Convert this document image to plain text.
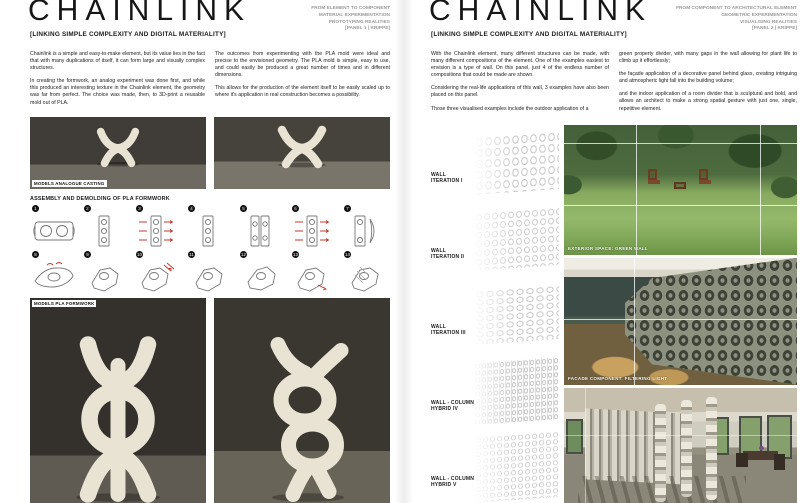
CHAINLINK
[LINKING SIMPLE COMPLEXITY AND DIGITAL MATERIALITY]
FROM ELEMENT TO COMPONENT
MATERIAL EXPERIMENTATION
PROTOTYPING REALITIES
[PANEL 1 | KRIPPE]

Chainlink is a simple and easy-to-make element, but its value lies in the fact that with many duplications of itself, it can form large and visually complex structures.

In creating the formwork, an analog experiment was done first, and while this produced an interesting texture in the Chainlink element, the geometry was far from perfect. The choice was made, then, to 3D-print a reusable mold out of PLA.

The outcomes from experimenting with the PLA mold were ideal and precise to the envisioned geometry. The PLA mold is simple, easy to use, and could easily be produced a great number of times and in different dimensions.

This allows for the production of the element itself to be easily scaled up to where it's application in real construction becomes a possibility.

MODELS ANALOGUE CASTING
ASSEMBLY AND DEMOLDING OF PLA FORMWORK
1	2	3	4	5	6	7
8	9	10	11	12	13	14
MODELS PLA FORMWORK
CHAINLINK
[LINKING SIMPLE COMPLEXITY AND DIGITAL MATERIALITY]
FROM COMPONENT TO ARCHITECTURAL ELEMENT
GEOMETRIC EXPERIMENTATION
VISUALISING REALITIES
[PANEL 2 | KRIPPE]

With the Chainlink element, many different structures can be made, with many different compositions of the element. One of the examples easiest to envision is a type of wall. On this panel, just 4 of the endless number of compositions that could be made are shown.

Considering the real-life applications of this wall, 3 examples have also been placed on this panel.

Those three visualised examples include the outdoor application of a

green property divider, with many gaps in the wall allowing for plant life to climb up it effortlessly;

the façade application of a decorative panel behind glass, creating intriguing and atmospheric light fall into the building volume;

and the indoor application of a room divider that is sculptural and bold, and allows an architect to make a strong spatial gesture with just one, single, repetitive element.

WALL
ITERATION I
WALL
ITERATION II
WALL
ITERATION III
WALL - COLUMN
HYBRID IV
WALL - COLUMN
HYBRID V
EXTERIOR SPACE: GREEN WALL
FACADE COMPONENT: FILTERING LIGHT
